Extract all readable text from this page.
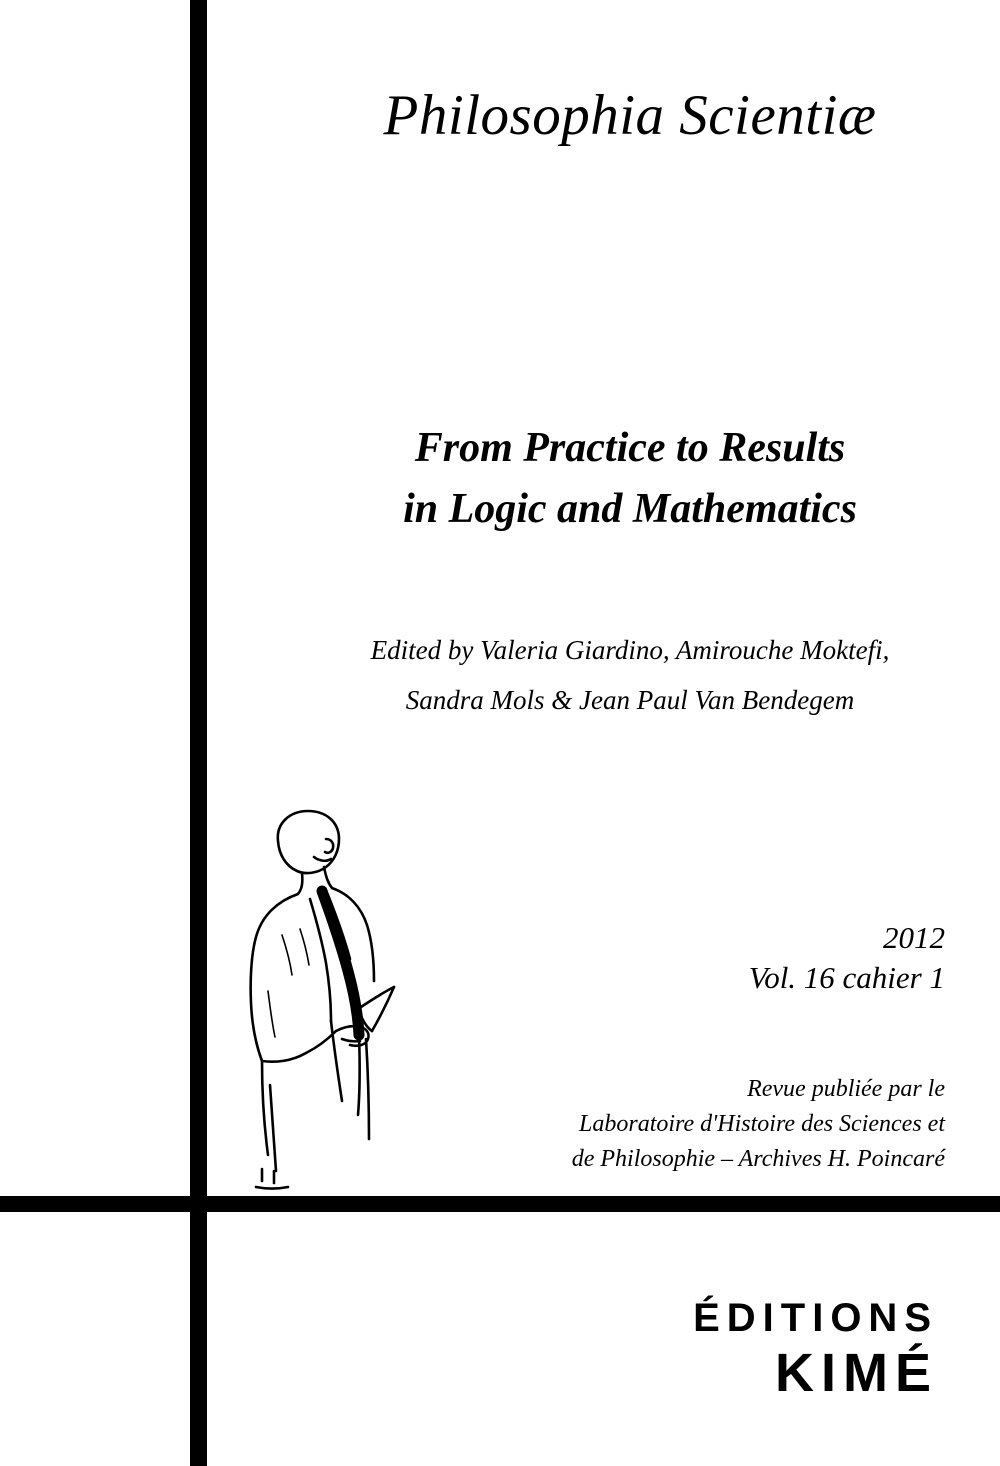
Philosophia Scientiæ
From Practice to Results
in Logic and Mathematics
Edited by Valeria Giardino, Amirouche Moktefi,
Sandra Mols & Jean Paul Van Bendegem
2012
Vol. 16 cahier 1
Revue publiée par le
Laboratoire d'Histoire des Sciences et
de Philosophie – Archives H. Poincaré
ÉDITIONS
KIMÉ
